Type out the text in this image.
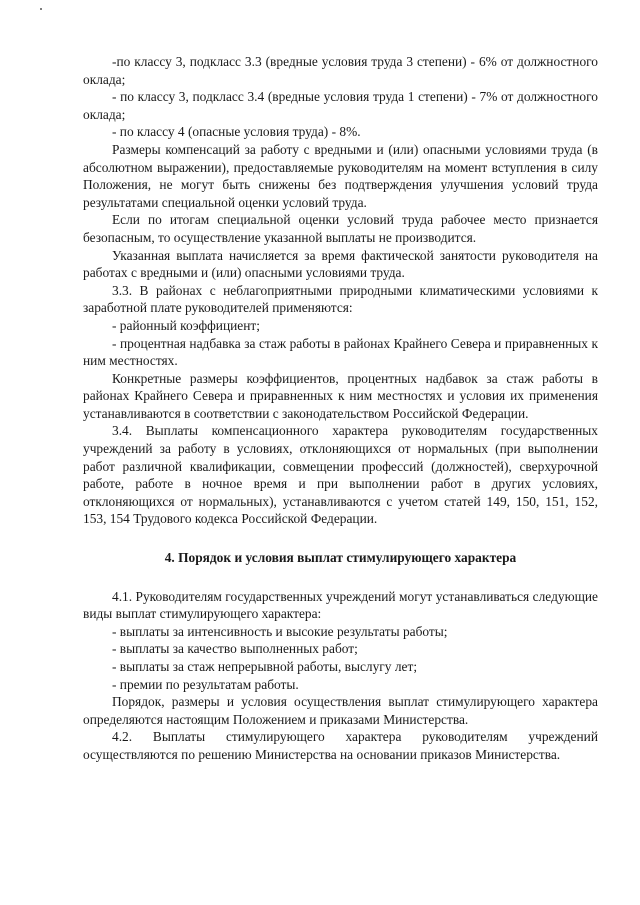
-по классу 3, подкласс 3.3 (вредные условия труда 3 степени) - 6% от должностного оклада;

- по классу 3, подкласс 3.4 (вредные условия труда 1 степени) - 7% от должностного оклада;

- по классу 4 (опасные условия труда) - 8%.

Размеры компенсаций за работу с вредными и (или) опасными условиями труда (в абсолютном выражении), предоставляемые руководителям на момент вступления в силу Положения, не могут быть снижены без подтверждения улучшения условий труда результатами специальной оценки условий труда.

Если по итогам специальной оценки условий труда рабочее место признается безопасным, то осуществление указанной выплаты не производится.

Указанная выплата начисляется за время фактической занятости руководителя на работах с вредными и (или) опасными условиями труда.

3.3. В районах с неблагоприятными природными климатическими условиями к заработной плате руководителей применяются:

- районный коэффициент;

- процентная надбавка за стаж работы в районах Крайнего Севера и приравненных к ним местностях.

Конкретные размеры коэффициентов, процентных надбавок за стаж работы в районах Крайнего Севера и приравненных к ним местностях и условия их применения устанавливаются в соответствии с законодательством Российской Федерации.

3.4. Выплаты компенсационного характера руководителям государственных учреждений за работу в условиях, отклоняющихся от нормальных (при выполнении работ различной квалификации, совмещении профессий (должностей), сверхурочной работе, работе в ночное время и при выполнении работ в других условиях, отклоняющихся от нормальных), устанавливаются с учетом статей 149, 150, 151, 152, 153, 154 Трудового кодекса Российской Федерации.

4. Порядок и условия выплат стимулирующего характера

4.1. Руководителям государственных учреждений могут устанавливаться следующие виды выплат стимулирующего характера:

- выплаты за интенсивность и высокие результаты работы;

- выплаты за качество выполненных работ;

- выплаты за стаж непрерывной работы, выслугу лет;

- премии по результатам работы.

Порядок, размеры и условия осуществления выплат стимулирующего характера определяются настоящим Положением и приказами Министерства.

4.2. Выплаты стимулирующего характера руководителям учреждений осуществляются по решению Министерства на основании приказов Министерства.
